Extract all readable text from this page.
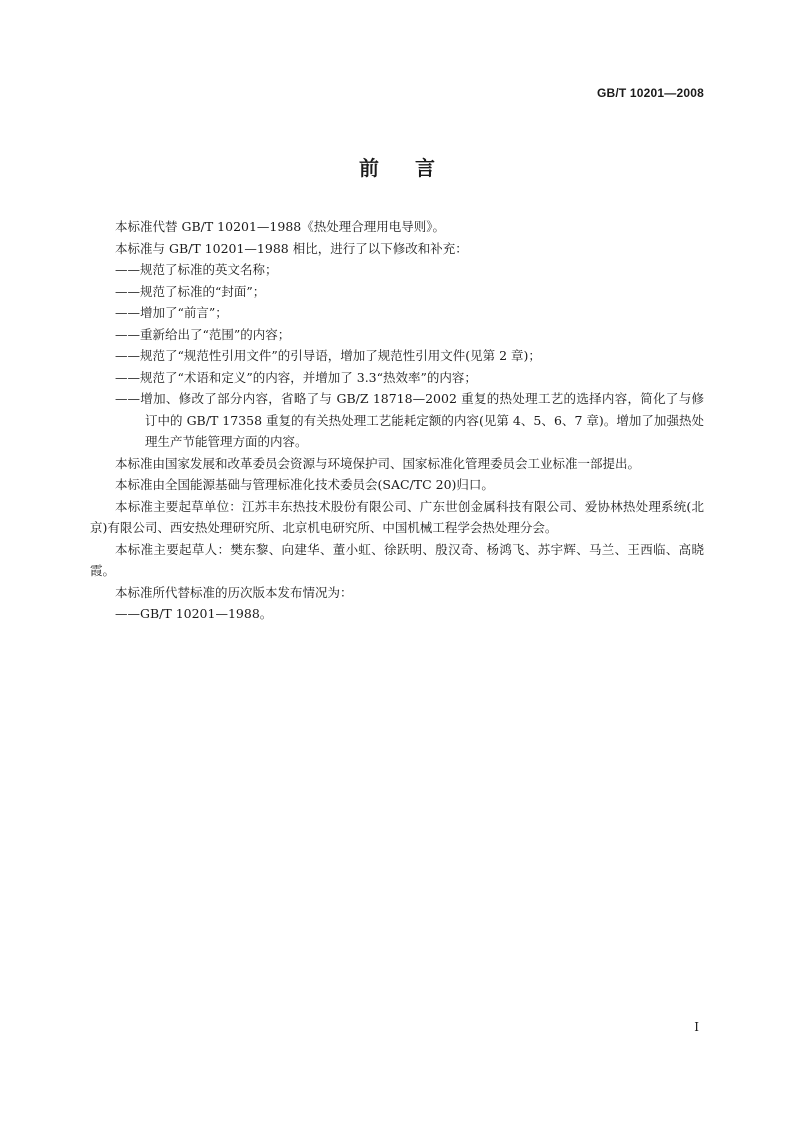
GB/T 10201—2008
前言

本标准代替 GB/T 10201—1988《热处理合理用电导则》。

本标准与 GB/T 10201—1988 相比，进行了以下修改和补充：

——规范了标准的英文名称；

——规范了标准的“封面”；

——增加了“前言”；

——重新给出了“范围”的内容；

——规范了“规范性引用文件”的引导语，增加了规范性引用文件(见第 2 章)；

——规范了“术语和定义”的内容，并增加了 3.3“热效率”的内容；

——增加、修改了部分内容，省略了与 GB/Z 18718—2002 重复的热处理工艺的选择内容，简化了与修订中的 GB/T 17358 重复的有关热处理工艺能耗定额的内容(见第 4、5、6、7 章)。增加了加强热处理生产节能管理方面的内容。

本标准由国家发展和改革委员会资源与环境保护司、国家标准化管理委员会工业标准一部提出。

本标准由全国能源基础与管理标准化技术委员会(SAC/TC 20)归口。

本标准主要起草单位：江苏丰东热技术股份有限公司、广东世创金属科技有限公司、爱协林热处理系统(北京)有限公司、西安热处理研究所、北京机电研究所、中国机械工程学会热处理分会。

本标准主要起草人：樊东黎、向建华、董小虹、徐跃明、殷汉奇、杨鸿飞、苏宇辉、马兰、王西临、高晓霞。

本标准所代替标准的历次版本发布情况为：

——GB/T 10201—1988。

I
